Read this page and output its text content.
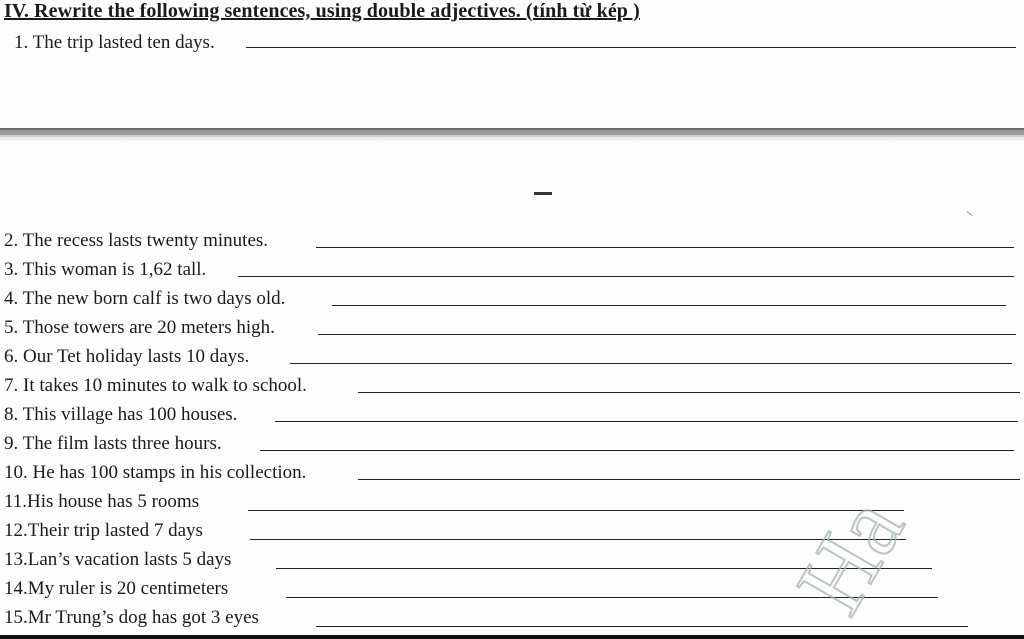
IV. Rewrite the following sentences, using double adjectives. (tính từ kép )
1. The trip lasted ten days.
2. The recess lasts twenty minutes.
3. This woman is 1,62 tall.
4. The new born calf is two days old.
5. Those towers are 20 meters high.
6. Our Tet holiday lasts 10 days.
7. It takes 10 minutes to walk to school.
8. This village has 100 houses.
9. The film lasts three hours.
10. He has 100 stamps in his collection.
11.His house has 5 rooms
12.Their trip lasted 7 days
13.Lan’s vacation lasts 5 days
14.My ruler is 20 centimeters
15.Mr Trung’s dog has got 3 eyes	Ha
